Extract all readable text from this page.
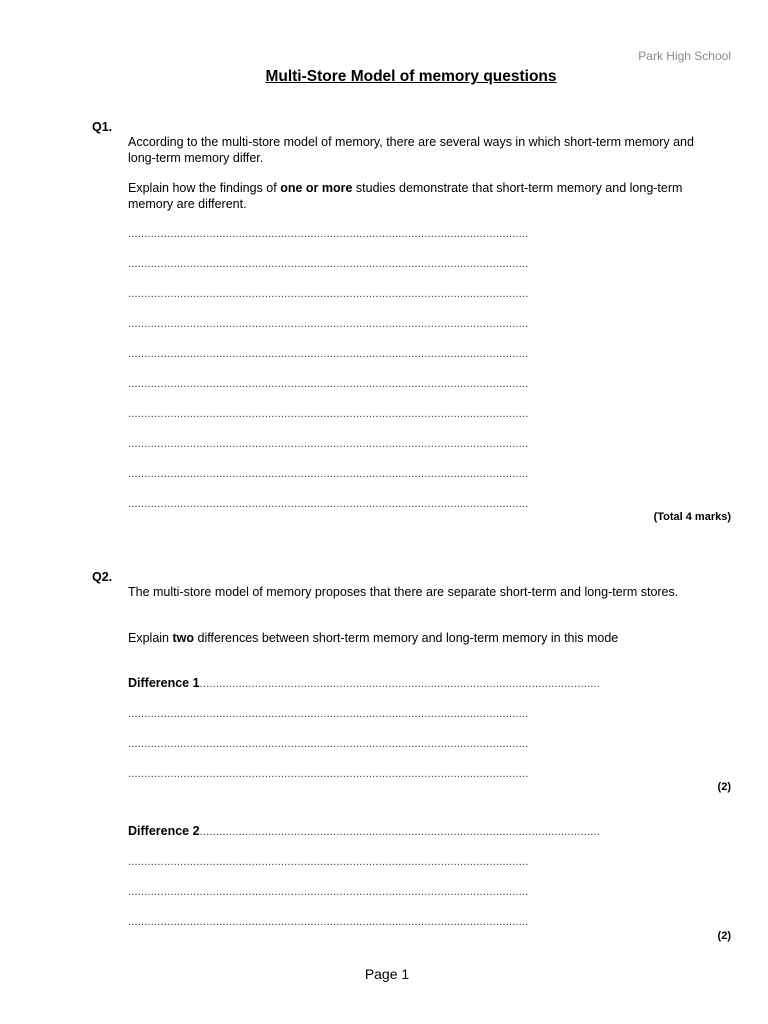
Park High School
Multi-Store Model of memory questions
Q1.
According to the multi-store model of memory, there are several ways in which short-term memory and long-term memory differ.
Explain how the findings of one or more studies demonstrate that short-term memory and long-term memory are different.
...........................................................................................................................
...........................................................................................................................
...........................................................................................................................
...........................................................................................................................
...........................................................................................................................
...........................................................................................................................
...........................................................................................................................
...........................................................................................................................
...........................................................................................................................
...........................................................................................................................
(Total 4 marks)
Q2.
The multi-store model of memory proposes that there are separate short-term and long-term stores.
Explain two differences between short-term memory and long-term memory in this mode
Difference 1...........................................................................................................................
...........................................................................................................................
...........................................................................................................................
...........................................................................................................................
(2)
Difference 2...........................................................................................................................
...........................................................................................................................
...........................................................................................................................
...........................................................................................................................
(2)
Page 1
